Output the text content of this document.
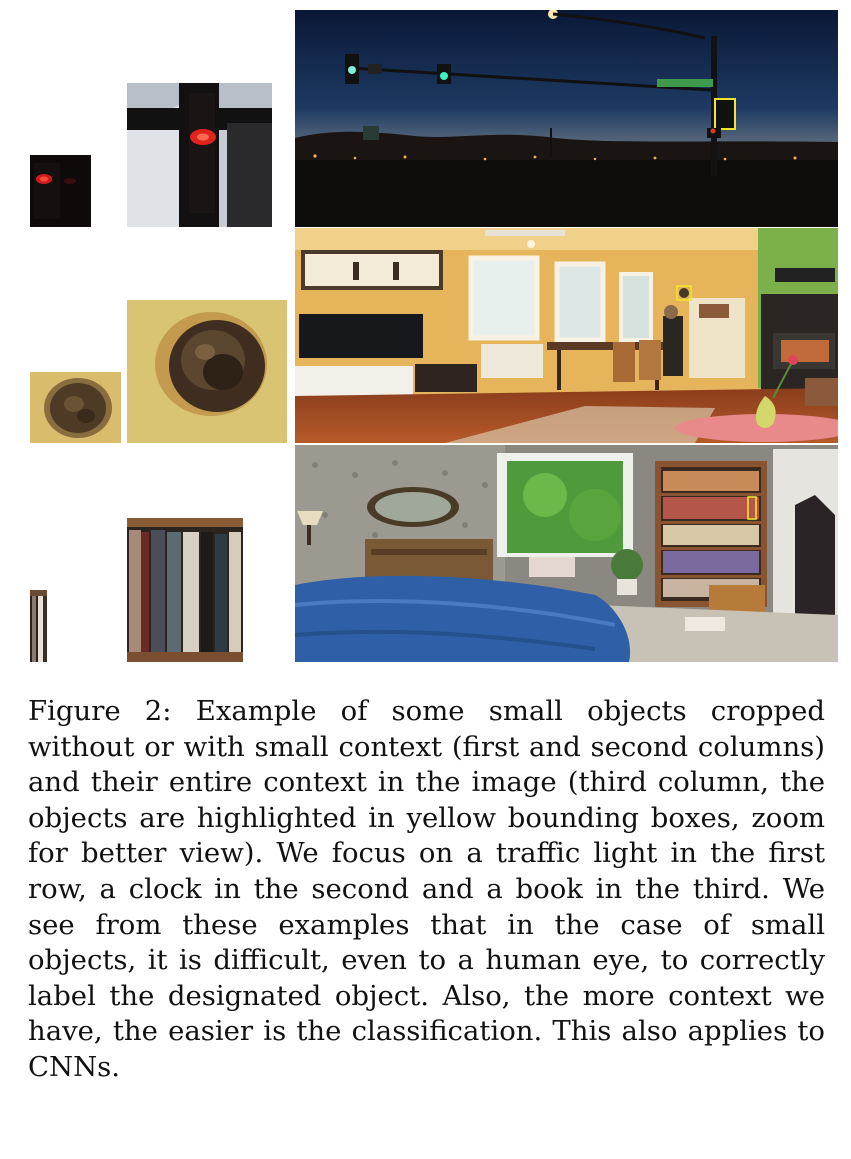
Figure 2: Example of some small objects cropped without or with small context (first and second columns) and their entire context in the image (third column, the objects are highlighted in yellow bounding boxes, zoom for better view). We focus on a traffic light in the first row, a clock in the second and a book in the third. We see from these examples that in the case of small objects, it is difficult, even to a human eye, to correctly label the designated object. Also, the more context we have, the easier is the classification. This also applies to CNNs.
